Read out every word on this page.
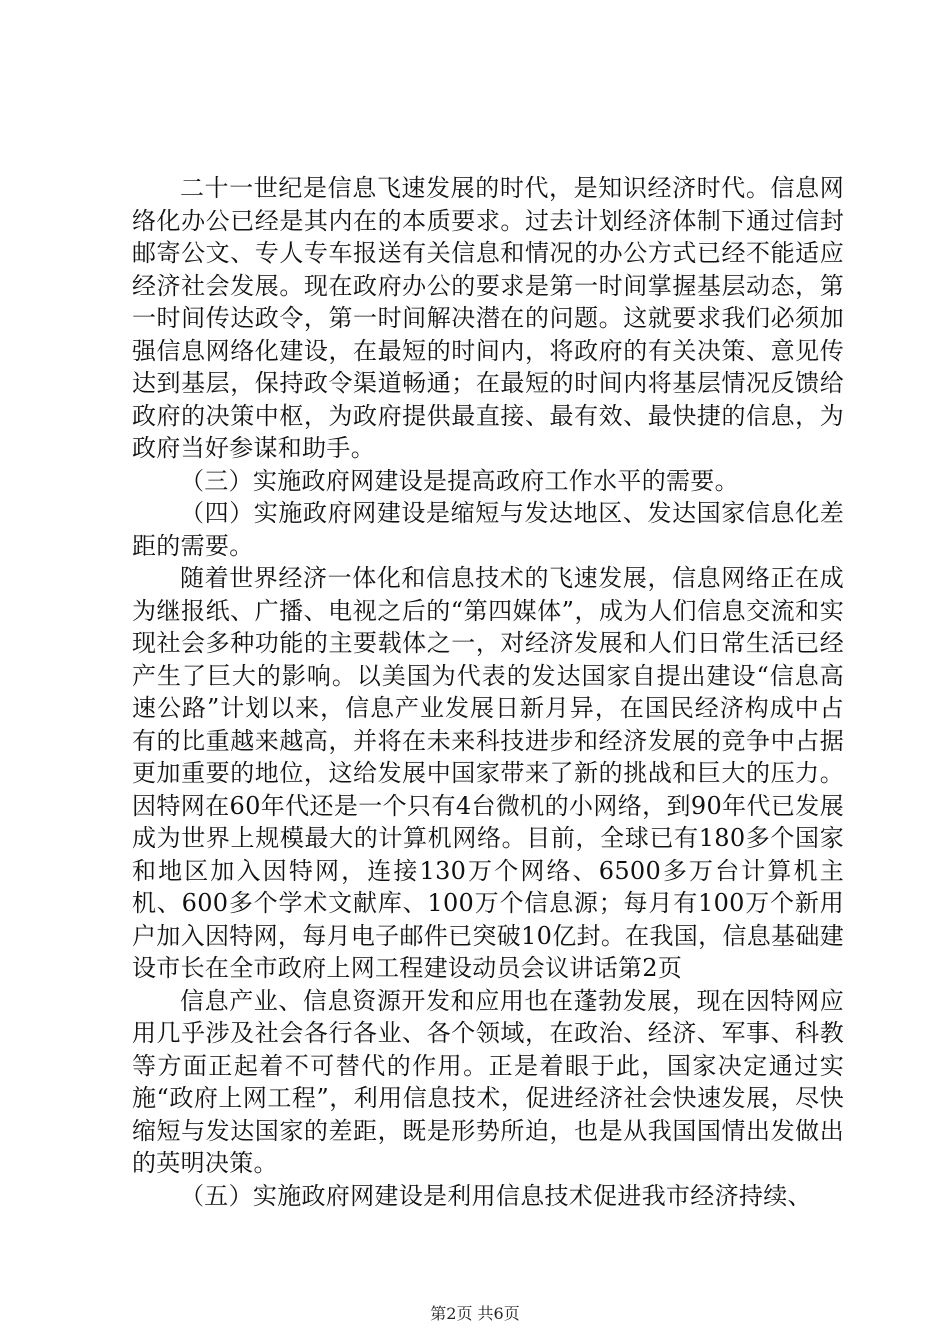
二十一世纪是信息飞速发展的时代，是知识经济时代。信息网络化办公已经是其内在的本质要求。过去计划经济体制下通过信封邮寄公文、专人专车报送有关信息和情况的办公方式已经不能适应经济社会发展。现在政府办公的要求是第一时间掌握基层动态，第一时间传达政令，第一时间解决潜在的问题。这就要求我们必须加强信息网络化建设，在最短的时间内，将政府的有关决策、意见传达到基层，保持政令渠道畅通；在最短的时间内将基层情况反馈给政府的决策中枢，为政府提供最直接、最有效、最快捷的信息，为政府当好参谋和助手。

（三）实施政府网建设是提高政府工作水平的需要。

（四）实施政府网建设是缩短与发达地区、发达国家信息化差距的需要。

随着世界经济一体化和信息技术的飞速发展，信息网络正在成为继报纸、广播、电视之后的“第四媒体”，成为人们信息交流和实现社会多种功能的主要载体之一，对经济发展和人们日常生活已经产生了巨大的影响。以美国为代表的发达国家自提出建设“信息高速公路”计划以来，信息产业发展日新月异，在国民经济构成中占有的比重越来越高，并将在未来科技进步和经济发展的竞争中占据更加重要的地位，这给发展中国家带来了新的挑战和巨大的压力。因特网在60年代还是一个只有4台微机的小网络，到90年代已发展成为世界上规模最大的计算机网络。目前，全球已有180多个国家和地区加入因特网，连接130万个网络、6500多万台计算机主机、600多个学术文献库、100万个信息源；每月有100万个新用户加入因特网，每月电子邮件已突破10亿封。在我国，信息基础建设市长在全市政府上网工程建设动员会议讲话第2页

信息产业、信息资源开发和应用也在蓬勃发展，现在因特网应用几乎涉及社会各行各业、各个领域，在政治、经济、军事、科教等方面正起着不可替代的作用。正是着眼于此，国家决定通过实施“政府上网工程”，利用信息技术，促进经济社会快速发展，尽快缩短与发达国家的差距，既是形势所迫，也是从我国国情出发做出的英明决策。

（五）实施政府网建设是利用信息技术促进我市经济持续、

第2页 共6页
